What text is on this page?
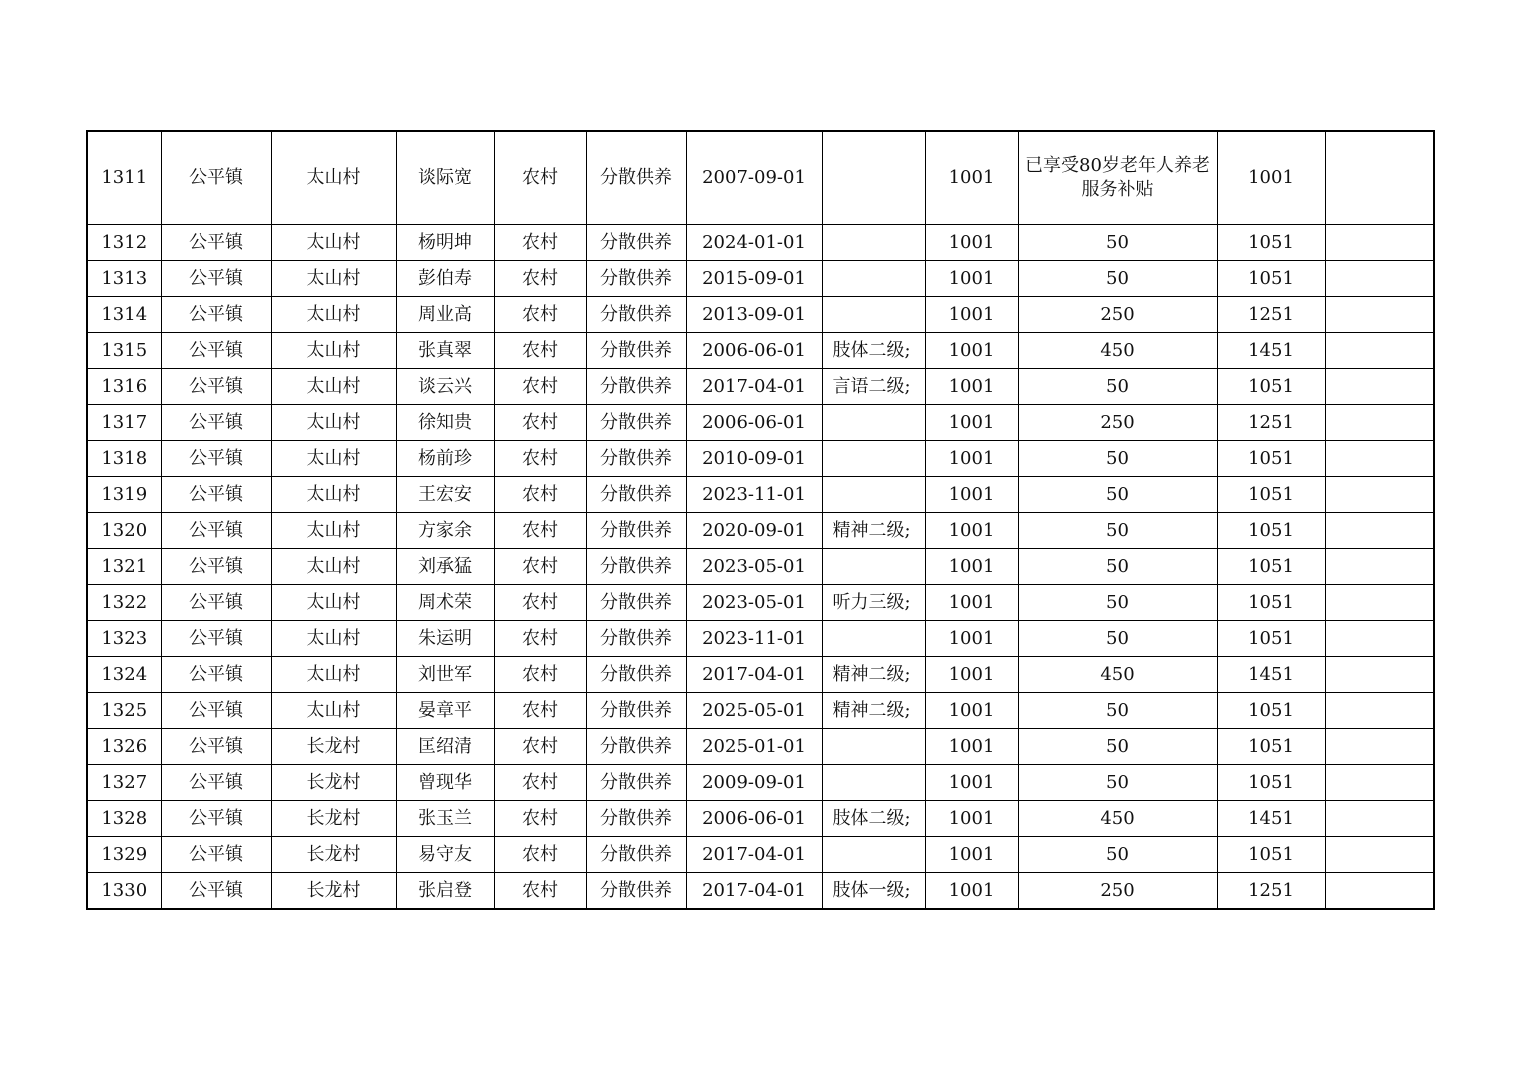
1311	公平镇	太山村	谈际宽	农村	分散供养	2007-09-01		1001	已享受80岁老年人养老服务补贴	1001	
1312	公平镇	太山村	杨明坤	农村	分散供养	2024-01-01		1001	50	1051	
1313	公平镇	太山村	彭伯寿	农村	分散供养	2015-09-01		1001	50	1051	
1314	公平镇	太山村	周业高	农村	分散供养	2013-09-01		1001	250	1251	
1315	公平镇	太山村	张真翠	农村	分散供养	2006-06-01	肢体二级;	1001	450	1451	
1316	公平镇	太山村	谈云兴	农村	分散供养	2017-04-01	言语二级;	1001	50	1051	
1317	公平镇	太山村	徐知贵	农村	分散供养	2006-06-01		1001	250	1251	
1318	公平镇	太山村	杨前珍	农村	分散供养	2010-09-01		1001	50	1051	
1319	公平镇	太山村	王宏安	农村	分散供养	2023-11-01		1001	50	1051	
1320	公平镇	太山村	方家余	农村	分散供养	2020-09-01	精神二级;	1001	50	1051	
1321	公平镇	太山村	刘承猛	农村	分散供养	2023-05-01		1001	50	1051	
1322	公平镇	太山村	周术荣	农村	分散供养	2023-05-01	听力三级;	1001	50	1051	
1323	公平镇	太山村	朱运明	农村	分散供养	2023-11-01		1001	50	1051	
1324	公平镇	太山村	刘世军	农村	分散供养	2017-04-01	精神二级;	1001	450	1451	
1325	公平镇	太山村	晏章平	农村	分散供养	2025-05-01	精神二级;	1001	50	1051	
1326	公平镇	长龙村	匡绍清	农村	分散供养	2025-01-01		1001	50	1051	
1327	公平镇	长龙村	曾现华	农村	分散供养	2009-09-01		1001	50	1051	
1328	公平镇	长龙村	张玉兰	农村	分散供养	2006-06-01	肢体二级;	1001	450	1451	
1329	公平镇	长龙村	易守友	农村	分散供养	2017-04-01		1001	50	1051	
1330	公平镇	长龙村	张启登	农村	分散供养	2017-04-01	肢体一级;	1001	250	1251	
